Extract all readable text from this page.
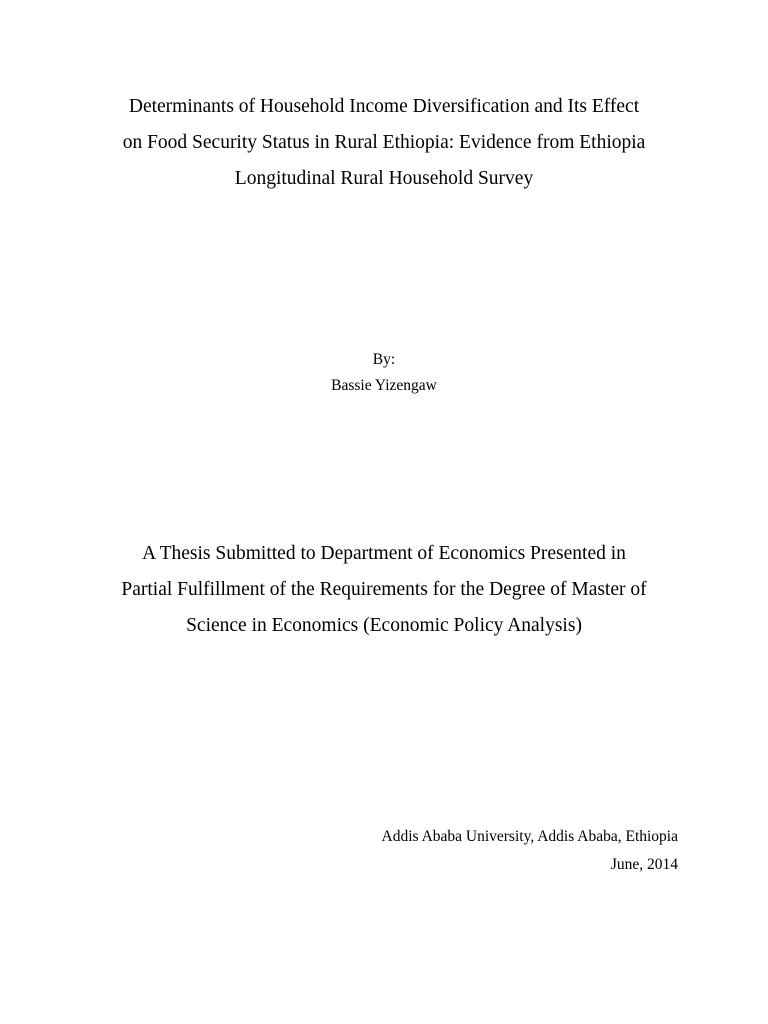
Determinants of Household Income Diversification and Its Effect
on Food Security Status in Rural Ethiopia: Evidence from Ethiopia
Longitudinal Rural Household Survey
By:
Bassie Yizengaw
A Thesis Submitted to Department of Economics Presented in
Partial Fulfillment of the Requirements for the Degree of Master of
Science in Economics (Economic Policy Analysis)
Addis Ababa University, Addis Ababa, Ethiopia
June, 2014
